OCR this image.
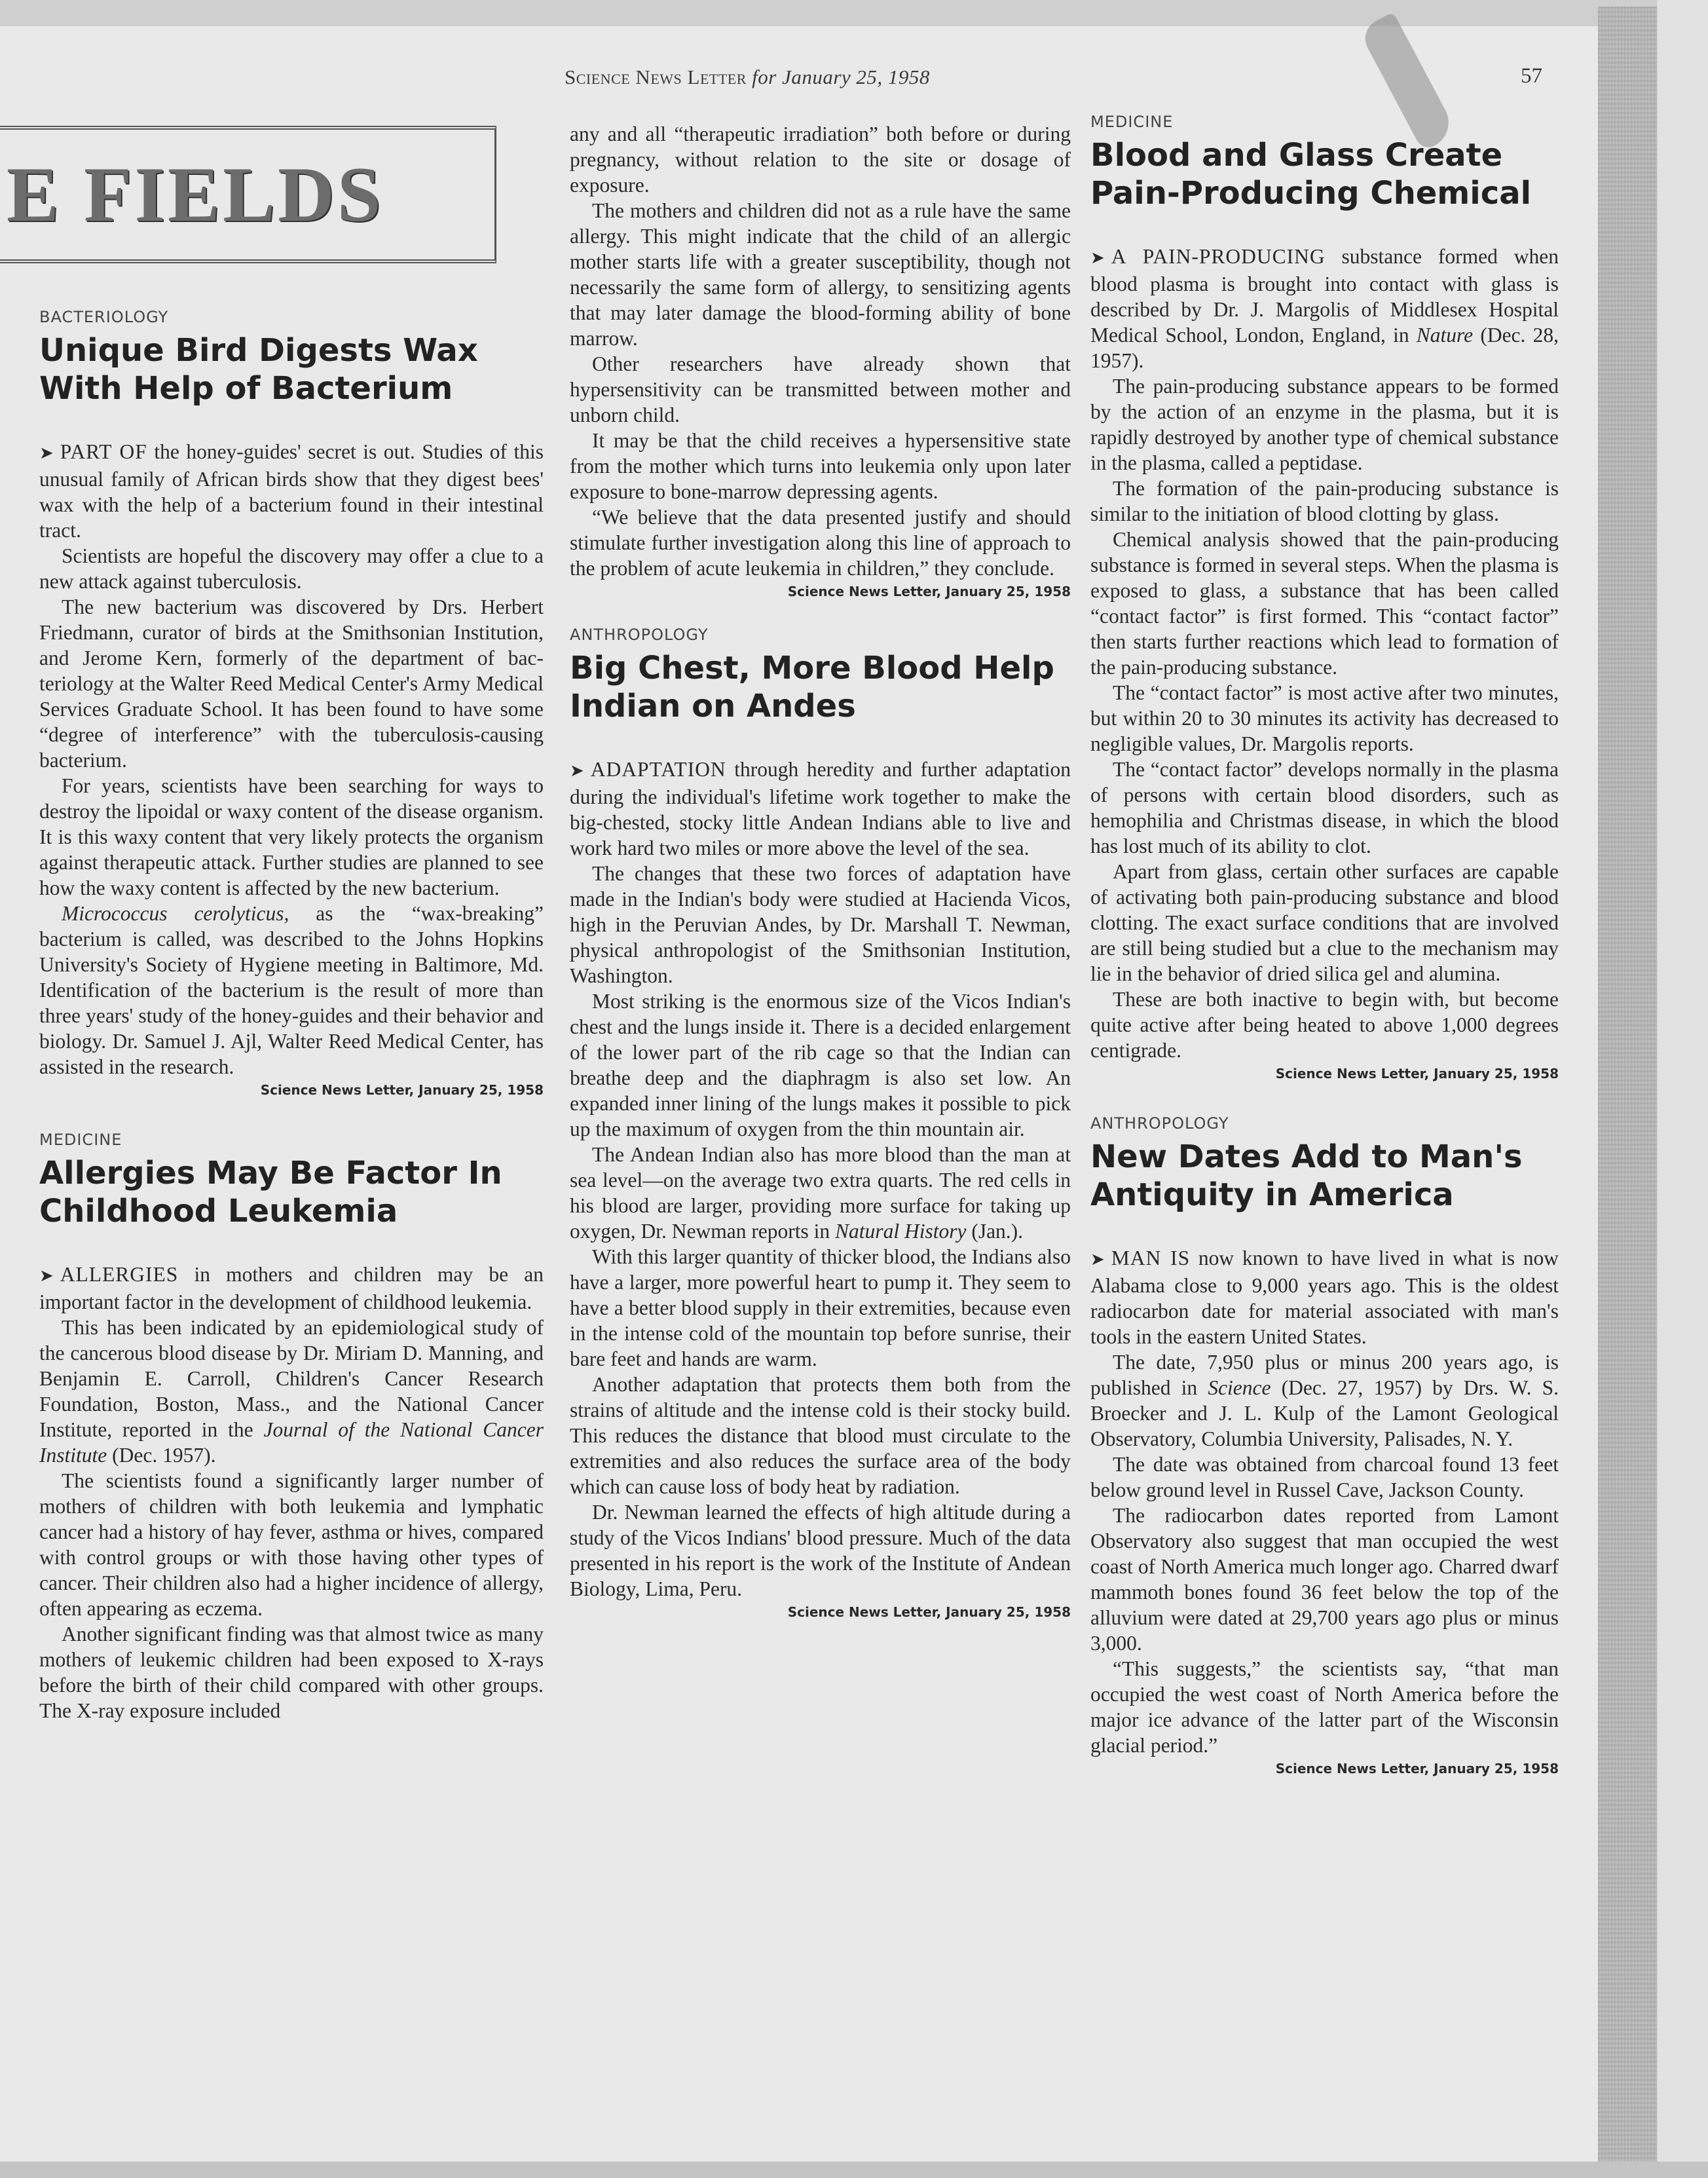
Science News Letter for January 25, 1958	57
E FIELDS
BACTERIOLOGY
Unique Bird Digests Wax With Help of Bacterium

➤ PART OF the honey-guides' secret is out. Studies of this unusual family of African birds show that they digest bees' wax with the help of a bacterium found in their intestinal tract.

Scientists are hopeful the discovery may offer a clue to a new attack against tuberculosis.

The new bacterium was discovered by Drs. Herbert Friedmann, curator of birds at the Smithsonian Institution, and Jerome Kern, formerly of the department of bacteriology at the Walter Reed Medical Center's Army Medical Services Graduate School. It has been found to have some “degree of interference” with the tuberculosis-causing bacterium.

For years, scientists have been searching for ways to destroy the lipoidal or waxy content of the disease organism. It is this waxy content that very likely protects the organism against therapeutic attack. Further studies are planned to see how the waxy content is affected by the new bacterium.

Micrococcus cerolyticus, as the “wax-breaking” bacterium is called, was described to the Johns Hopkins University's Society of Hygiene meeting in Baltimore, Md. Identification of the bacterium is the result of more than three years' study of the honey-guides and their behavior and biology. Dr. Samuel J. Ajl, Walter Reed Medical Center, has assisted in the research.

Science News Letter, January 25, 1958
MEDICINE
Allergies May Be Factor In Childhood Leukemia

➤ ALLERGIES in mothers and children may be an important factor in the development of childhood leukemia.

This has been indicated by an epidemiological study of the cancerous blood disease by Dr. Miriam D. Manning, and Benjamin E. Carroll, Children's Cancer Research Foundation, Boston, Mass., and the National Cancer Institute, reported in the Journal of the National Cancer Institute (Dec. 1957).

The scientists found a significantly larger number of mothers of children with both leukemia and lymphatic cancer had a history of hay fever, asthma or hives, compared with control groups or with those having other types of cancer. Their children also had a higher incidence of allergy, often appearing as eczema.

Another significant finding was that almost twice as many mothers of leukemic children had been exposed to X-rays before the birth of their child compared with other groups. The X-ray exposure included

any and all “therapeutic irradiation” both before or during pregnancy, without relation to the site or dosage of exposure.

The mothers and children did not as a rule have the same allergy. This might indicate that the child of an allergic mother starts life with a greater susceptibility, though not necessarily the same form of allergy, to sensitizing agents that may later damage the blood-forming ability of bone marrow.

Other researchers have already shown that hypersensitivity can be transmitted between mother and unborn child.

It may be that the child receives a hypersensitive state from the mother which turns into leukemia only upon later exposure to bone-marrow depressing agents.

“We believe that the data presented justify and should stimulate further investigation along this line of approach to the problem of acute leukemia in children,” they conclude.

Science News Letter, January 25, 1958
ANTHROPOLOGY
Big Chest, More Blood Help Indian on Andes

➤ ADAPTATION through heredity and further adaptation during the individual's lifetime work together to make the big-chested, stocky little Andean Indians able to live and work hard two miles or more above the level of the sea.

The changes that these two forces of adaptation have made in the Indian's body were studied at Hacienda Vicos, high in the Peruvian Andes, by Dr. Marshall T. Newman, physical anthropologist of the Smithsonian Institution, Washington.

Most striking is the enormous size of the Vicos Indian's chest and the lungs inside it. There is a decided enlargement of the lower part of the rib cage so that the Indian can breathe deep and the diaphragm is also set low. An expanded inner lining of the lungs makes it possible to pick up the maximum of oxygen from the thin mountain air.

The Andean Indian also has more blood than the man at sea level—on the average two extra quarts. The red cells in his blood are larger, providing more surface for taking up oxygen, Dr. Newman reports in Natural History (Jan.).

With this larger quantity of thicker blood, the Indians also have a larger, more powerful heart to pump it. They seem to have a better blood supply in their extremities, because even in the intense cold of the mountain top before sunrise, their bare feet and hands are warm.

Another adaptation that protects them both from the strains of altitude and the intense cold is their stocky build. This reduces the distance that blood must circulate to the extremities and also reduces the surface area of the body which can cause loss of body heat by radiation.

Dr. Newman learned the effects of high altitude during a study of the Vicos Indians' blood pressure. Much of the data presented in his report is the work of the Institute of Andean Biology, Lima, Peru.

Science News Letter, January 25, 1958
MEDICINE
Blood and Glass Create Pain-Producing Chemical

➤ A PAIN-PRODUCING substance formed when blood plasma is brought into contact with glass is described by Dr. J. Margolis of Middlesex Hospital Medical School, London, England, in Nature (Dec. 28, 1957).

The pain-producing substance appears to be formed by the action of an enzyme in the plasma, but it is rapidly destroyed by another type of chemical substance in the plasma, called a peptidase.

The formation of the pain-producing substance is similar to the initiation of blood clotting by glass.

Chemical analysis showed that the pain-producing substance is formed in several steps. When the plasma is exposed to glass, a substance that has been called “contact factor” is first formed. This “contact factor” then starts further reactions which lead to formation of the pain-producing substance.

The “contact factor” is most active after two minutes, but within 20 to 30 minutes its activity has decreased to negligible values, Dr. Margolis reports.

The “contact factor” develops normally in the plasma of persons with certain blood disorders, such as hemophilia and Christmas disease, in which the blood has lost much of its ability to clot.

Apart from glass, certain other surfaces are capable of activating both pain-producing substance and blood clotting. The exact surface conditions that are involved are still being studied but a clue to the mechanism may lie in the behavior of dried silica gel and alumina.

These are both inactive to begin with, but become quite active after being heated to above 1,000 degrees centigrade.

Science News Letter, January 25, 1958
ANTHROPOLOGY
New Dates Add to Man's Antiquity in America

➤ MAN IS now known to have lived in what is now Alabama close to 9,000 years ago. This is the oldest radiocarbon date for material associated with man's tools in the eastern United States.

The date, 7,950 plus or minus 200 years ago, is published in Science (Dec. 27, 1957) by Drs. W. S. Broecker and J. L. Kulp of the Lamont Geological Observatory, Columbia University, Palisades, N. Y.

The date was obtained from charcoal found 13 feet below ground level in Russel Cave, Jackson County.

The radiocarbon dates reported from Lamont Observatory also suggest that man occupied the west coast of North America much longer ago. Charred dwarf mammoth bones found 36 feet below the top of the alluvium were dated at 29,700 years ago plus or minus 3,000.

“This suggests,” the scientists say, “that man occupied the west coast of North America before the major ice advance of the latter part of the Wisconsin glacial period.”

Science News Letter, January 25, 1958
